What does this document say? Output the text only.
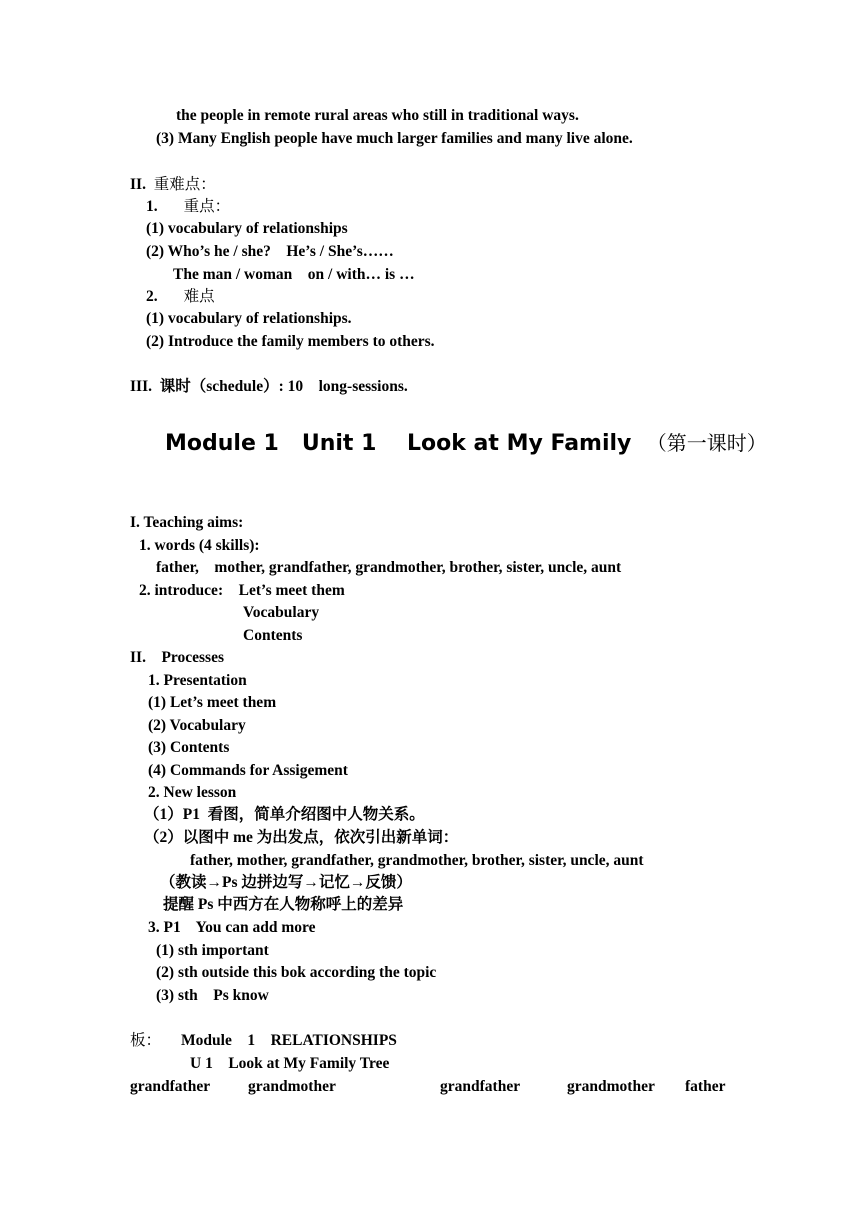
the people in remote rural areas who still in traditional ways.
(3) Many English people have much larger families and many live alone.
II. 重难点：
1. 重点：
(1) vocabulary of relationships
(2) Who’s he / she?    He’s / She’s……
The man / woman    on / with… is …
2. 难点
(1) vocabulary of relationships.
(2) Introduce the family members to others.
III. 课时（schedule）: 10    long-sessions.
Module 1   Unit 1    Look at My Family （第一课时）
I. Teaching aims:
1. words (4 skills):
father,    mother, grandfather, grandmother, brother, sister, uncle, aunt
2. introduce:    Let’s meet them
Vocabulary
Contents
II.    Processes
1. Presentation
(1) Let’s meet them
(2) Vocabulary
(3) Contents
(4) Commands for Assigement
2. New lesson
（1）P1  看图，简单介绍图中人物关系。
（2）以图中 me 为出发点，依次引出新单词：
father, mother, grandfather, grandmother, brother, sister, uncle, aunt
（教读→Ps 边拼边写→记忆→反馈）
提醒 Ps 中西方在人物称呼上的差异
3. P1    You can add more
(1) sth important
(2) sth outside this bok according the topic
(3) sth    Ps know
板： Module    1    RELATIONSHIPS
U 1    Look at My Family Tree
grandfather grandmother	grandfather	grandmother father
